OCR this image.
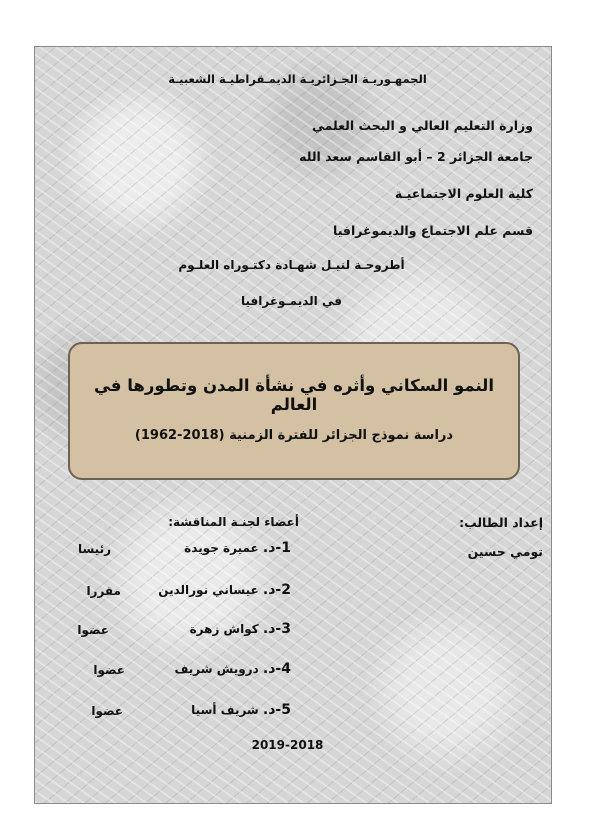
الجمهـوريـة الجـزائريـة الديمـقراطيـة الشعبيـة
وزارة التعليم العالي و البحث العلمي
جامعة الجزائر 2 – أبو القاسم سعد الله
كلية العلوم الاجتماعيـة
قسم علم الاجتماع والديموغرافيا
أطروحـة لنيـل شهـادة دكتـوراه العلـوم
في الديمـوغرافيا
النمو السكاني وأثره في نشأة المدن وتطورها في العالم
دراسة نموذج الجزائر للفترة الزمنية (2018-1962)
إعداد الطالب:
تومي حسين
أعضاء لجنـة المناقشة:
1-د. عميرة جويدة
رئيسا
2-د. عيساني نورالدين
مقررا
3-د. كواش زهرة
عضوا
4-د. درويش شريف
عضوا
5-د. شريف أسيا
عضوا
2019-2018
